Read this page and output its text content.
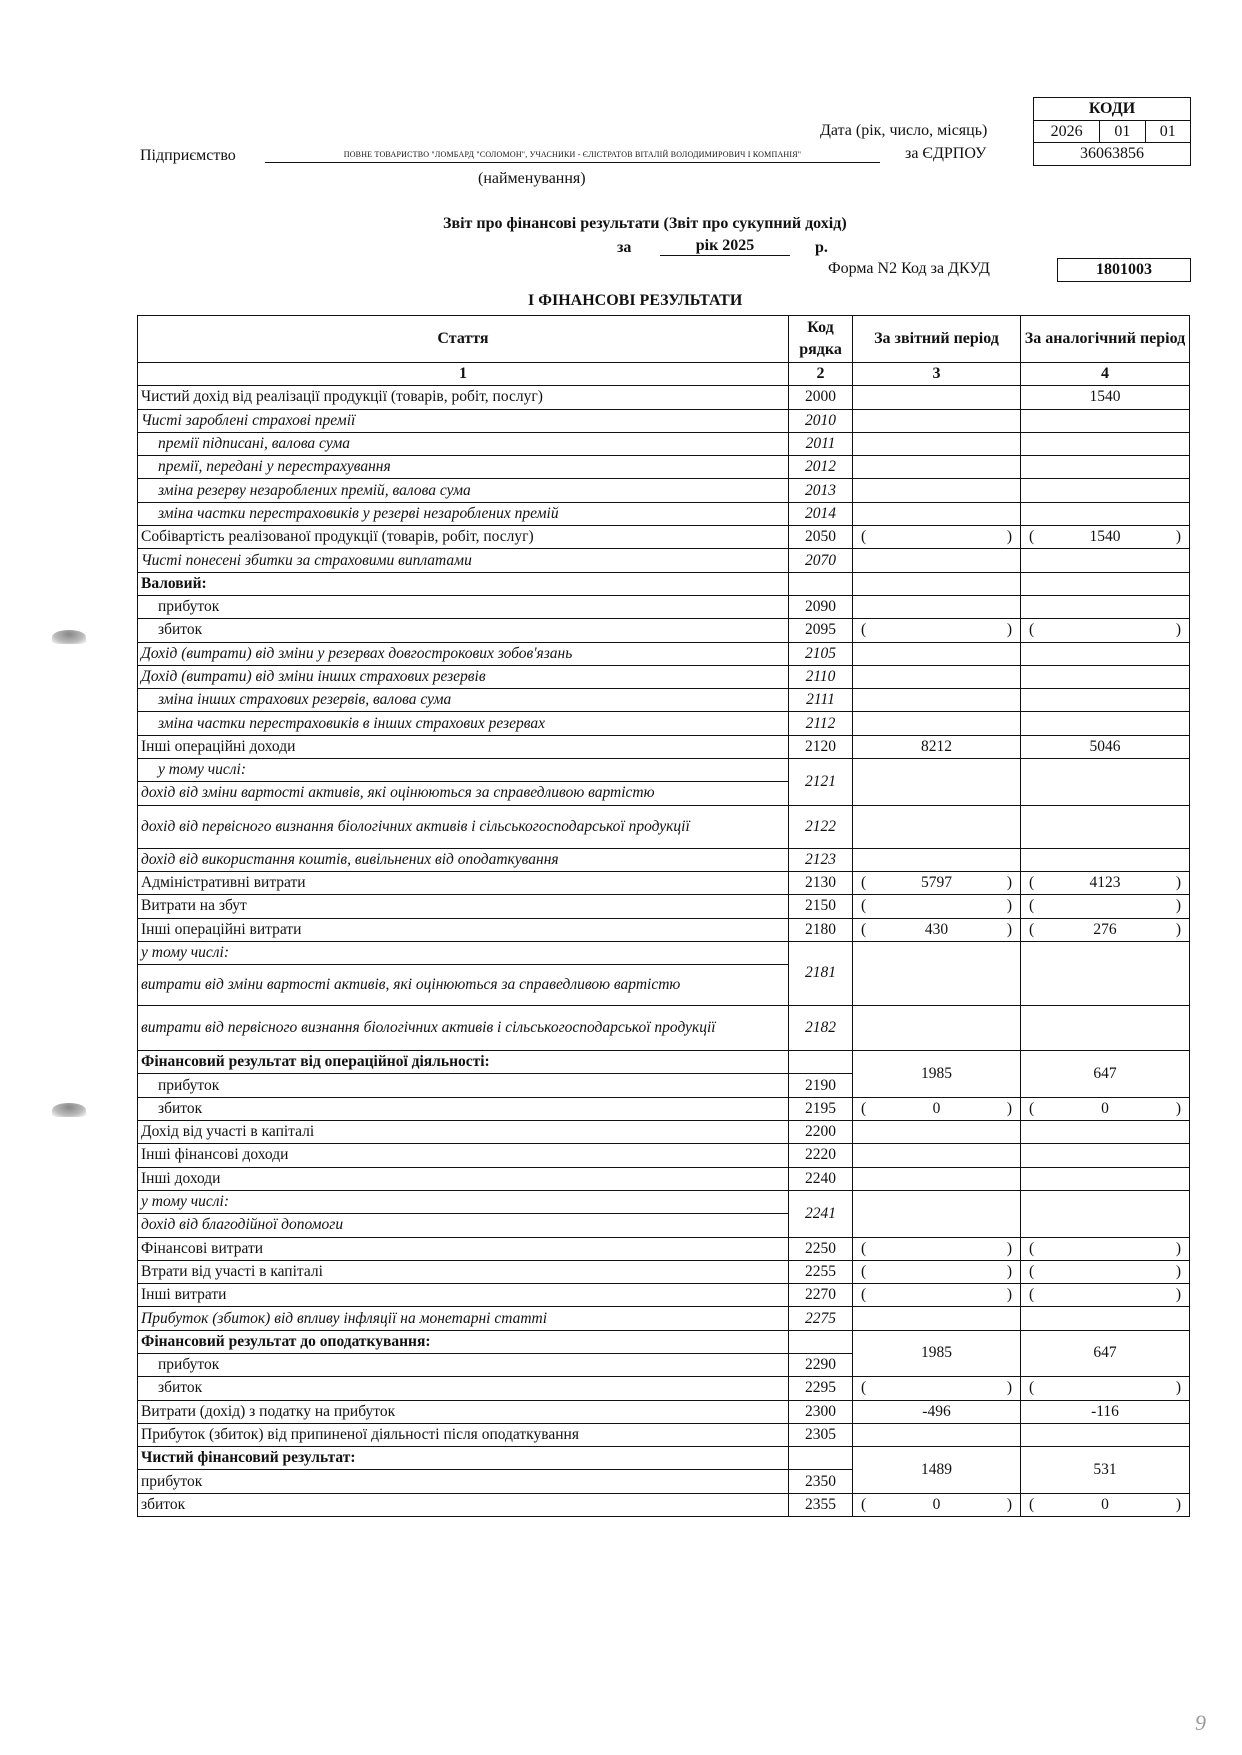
Дата (рік, число, місяць)
Підприємство	ПОВНЕ ТОВАРИСТВО "ЛОМБАРД "СОЛОМОН", УЧАСНИКИ - ЄЛІСТРАТОВ ВІТАЛІЙ ВОЛОДИМИРОВИЧ І КОМПАНІЯ"	за ЄДРПОУ
(найменування)
КОДИ
2026	01	01
36063856
Звіт про фінансові результати (Звіт про сукупний дохід)
за	рік 2025	р.
Форма N2 Код за ДКУД	1801003
І ФІНАНСОВІ РЕЗУЛЬТАТИ
Стаття	Код рядка	За звітний період	За аналогічний період
1	2	3	4
Чистий дохід від реалізації продукції (товарів, робіт, послуг)	2000		1540
Чисті зароблені страхові премії	2010		
премії підписані, валова сума	2011		
премії, передані у перестрахування	2012		
зміна резерву незароблених премій, валова сума	2013		
зміна частки перестраховиків у резерві незароблених премій	2014		
Собівартість реалізованої продукції (товарів, робіт, послуг)	2050	( )	( 1540 )

Чисті понесені збитки за страховими виплатами	2070		
Валовий:			
прибуток	2090		
збиток	2095	( )	( )

Дохід (витрати) від зміни у резервах довгострокових зобов'язань	2105		
Дохід (витрати) від зміни інших страхових резервів	2110		
зміна інших страхових резервів, валова сума	2111		
зміна частки перестраховиків в інших страхових резервах	2112		
Інші операційні доходи	2120	8212	5046
у тому числі:	2121		
дохід від зміни вартості активів, які оцінюються за справедливою вартістю			
дохід від первісного визнання біологічних активів і сільськогосподарської продукції	2122		
дохід від використання коштів, вивільнених від оподаткування	2123		
Адміністративні витрати	2130	( 5797 )	( 4123 )

Витрати на збут	2150	( )	( )

Інші операційні витрати	2180	( 430 )	( 276 )

у тому числі:	2181		
витрати від зміни вартості активів, які оцінюються за справедливою вартістю			
витрати від первісного визнання біологічних активів і сільськогосподарської продукції	2182		
Фінансовий результат від операційної діяльності:		1985	647
прибуток	2190		
збиток	2195	( 0 )	( 0 )

Дохід від участі в капіталі	2200		
Інші фінансові доходи	2220		
Інші доходи	2240		
у тому числі:	2241		
дохід від благодійної допомоги			
Фінансові витрати	2250	( )	( )

Втрати від участі в капіталі	2255	( )	( )

Інші витрати	2270	( )	( )

Прибуток (збиток) від впливу інфляції на монетарні статті	2275		
Фінансовий результат до оподаткування:		1985	647
прибуток	2290		
збиток	2295	( )	( )

Витрати (дохід) з податку на прибуток	2300	-496	-116
Прибуток (збиток) від припиненої діяльності після оподаткування	2305		
Чистий фінансовий результат:		1489	531
прибуток	2350		
збиток	2355	( 0 )	( 0 )
9
